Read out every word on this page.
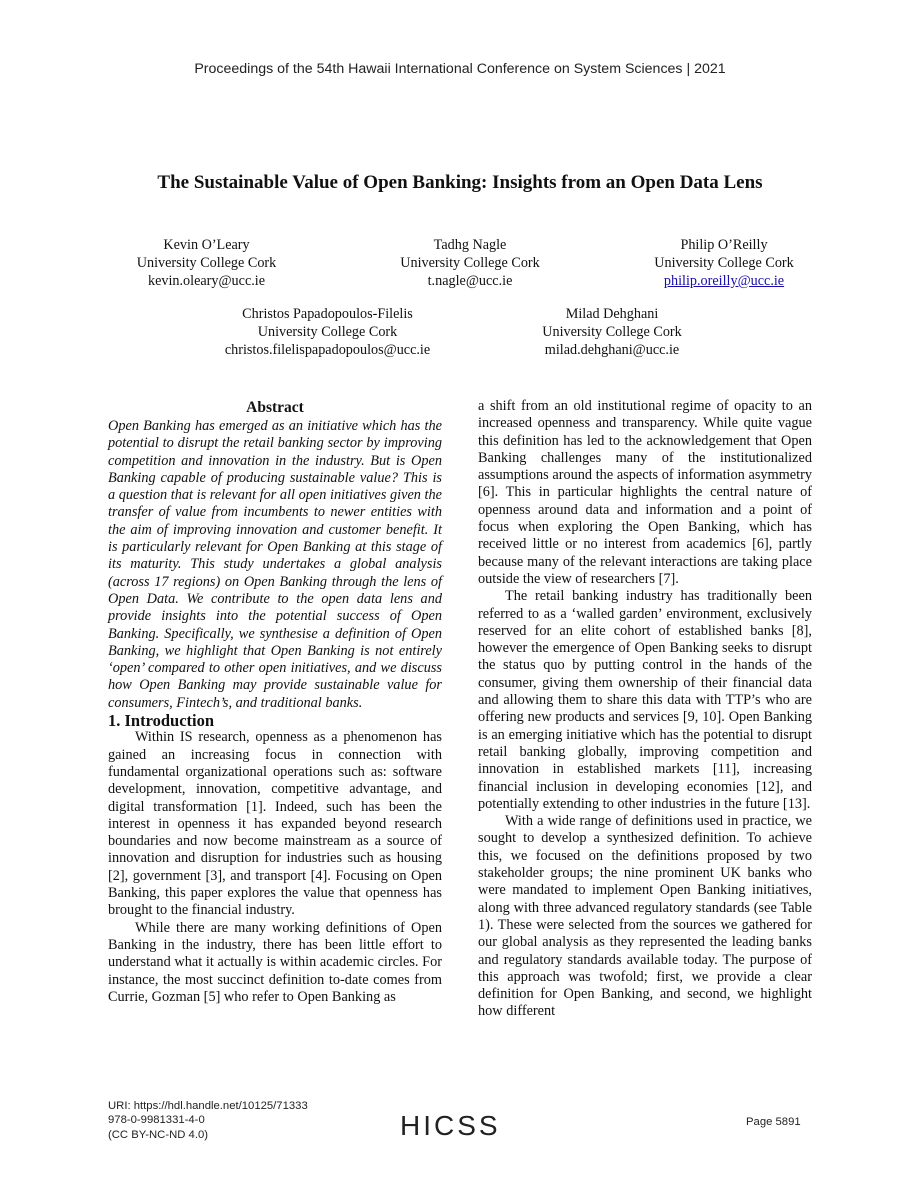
Proceedings of the 54th Hawaii International Conference on System Sciences | 2021
The Sustainable Value of Open Banking: Insights from an Open Data Lens
Kevin O’Leary
University College Cork
kevin.oleary@ucc.ie
Tadhg Nagle
University College Cork
t.nagle@ucc.ie
Philip O’Reilly
University College Cork
philip.oreilly@ucc.ie
Christos Papadopoulos-Filelis
University College Cork
christos.filelispapadopoulos@ucc.ie
Milad Dehghani
University College Cork
milad.dehghani@ucc.ie

Abstract

Open Banking has emerged as an initiative which has the potential to disrupt the retail banking sector by improving competition and innovation in the industry. But is Open Banking capable of producing sustainable value? This is a question that is relevant for all open initiatives given the transfer of value from incumbents to newer entities with the aim of improving innovation and customer benefit. It is particularly relevant for Open Banking at this stage of its maturity. This study undertakes a global analysis (across 17 regions) on Open Banking through the lens of Open Data. We contribute to the open data lens and provide insights into the potential success of Open Banking. Specifically, we synthesise a definition of Open Banking, we highlight that Open Banking is not entirely ‘open’ compared to other open initiatives, and we discuss how Open Banking may provide sustainable value for consumers, Fintech’s, and traditional banks.

1. Introduction

Within IS research, openness as a phenomenon has gained an increasing focus in connection with fundamental organizational operations such as: software development, innovation, competitive advantage, and digital transformation [1]. Indeed, such has been the interest in openness it has expanded beyond research boundaries and now become mainstream as a source of innovation and disruption for industries such as housing [2], government [3], and transport [4]. Focusing on Open Banking, this paper explores the value that openness has brought to the financial industry.

While there are many working definitions of Open Banking in the industry, there has been little effort to understand what it actually is within academic circles. For instance, the most succinct definition to-date comes from Currie, Gozman [5] who refer to Open Banking as

a shift from an old institutional regime of opacity to an increased openness and transparency. While quite vague this definition has led to the acknowledgement that Open Banking challenges many of the institutionalized assumptions around the aspects of information asymmetry [6]. This in particular highlights the central nature of openness around data and information and a point of focus when exploring the Open Banking, which has received little or no interest from academics [6], partly because many of the relevant interactions are taking place outside the view of researchers [7].

The retail banking industry has traditionally been referred to as a ‘walled garden’ environment, exclusively reserved for an elite cohort of established banks [8], however the emergence of Open Banking seeks to disrupt the status quo by putting control in the hands of the consumer, giving them ownership of their financial data and allowing them to share this data with TTP’s who are offering new products and services [9, 10]. Open Banking is an emerging initiative which has the potential to disrupt retail banking globally, improving competition and innovation in established markets [11], increasing financial inclusion in developing economies [12], and potentially extending to other industries in the future [13].

With a wide range of definitions used in practice, we sought to develop a synthesized definition. To achieve this, we focused on the definitions proposed by two stakeholder groups; the nine prominent UK banks who were mandated to implement Open Banking initiatives, along with three advanced regulatory standards (see Table 1). These were selected from the sources we gathered for our global analysis as they represented the leading banks and regulatory standards available today. The purpose of this approach was twofold; first, we provide a clear definition for Open Banking, and second, we highlight how different

URI: https://hdl.handle.net/10125/71333
978-0-9981331-4-0
(CC BY-NC-ND 4.0)	HICSS	Page 5891
